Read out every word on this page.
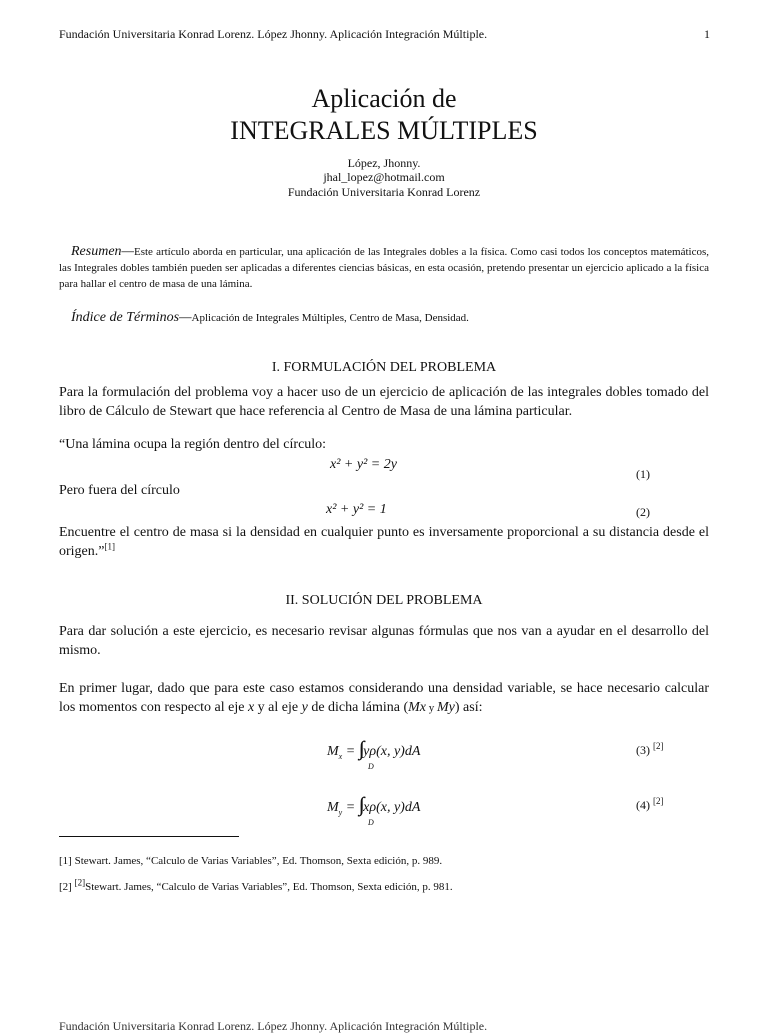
Fundación Universitaria Konrad Lorenz. López Jhonny. Aplicación Integración Múltiple.	1
Aplicación de
INTEGRALES MÚLTIPLES
López, Jhonny.
jhal_lopez@hotmail.com
Fundación Universitaria Konrad Lorenz
Resumen—Este artículo aborda en particular, una aplicación de las Integrales dobles a la física. Como casi todos los conceptos matemáticos, las Integrales dobles también pueden ser aplicadas a diferentes ciencias básicas, en esta ocasión, pretendo presentar un ejercicio aplicado a la física para hallar el centro de masa de una lámina.
Índice de Términos—Aplicación de Integrales Múltiples, Centro de Masa, Densidad.
I. FORMULACIÓN DEL PROBLEMA
Para la formulación del problema voy a hacer uso de un ejercicio de aplicación de las integrales dobles tomado del libro de Cálculo de Stewart que hace referencia al Centro de Masa de una lámina particular.
“Una lámina ocupa la región dentro del círculo:
x² + y² = 2y
(1)
Pero fuera del círculo
x² + y² = 1	(2)
Encuentre el centro de masa si la densidad en cualquier punto es inversamente proporcional a su distancia desde el origen.”[1]
II. SOLUCIÓN DEL PROBLEMA
Para dar solución a este ejercicio, es necesario revisar algunas fórmulas que nos van a ayudar en el desarrollo del mismo.
En primer lugar, dado que para este caso estamos considerando una densidad variable, se hace necesario calcular los momentos con respecto al eje x y al eje y de dicha lámina (Mx y My) así:
$M_x$ = ∫∫ yρ(x, y)dA
D
(3) [2]
$M_y$ = ∫∫ xρ(x, y)dA
D
(4) [2]
[1] Stewart. James, “Calculo de Varias Variables”, Ed. Thomson, Sexta edición, p. 989.
[2] [2]Stewart. James, “Calculo de Varias Variables”, Ed. Thomson, Sexta edición, p. 981.
Fundación Universitaria Konrad Lorenz. López Jhonny. Aplicación Integración Múltiple.
